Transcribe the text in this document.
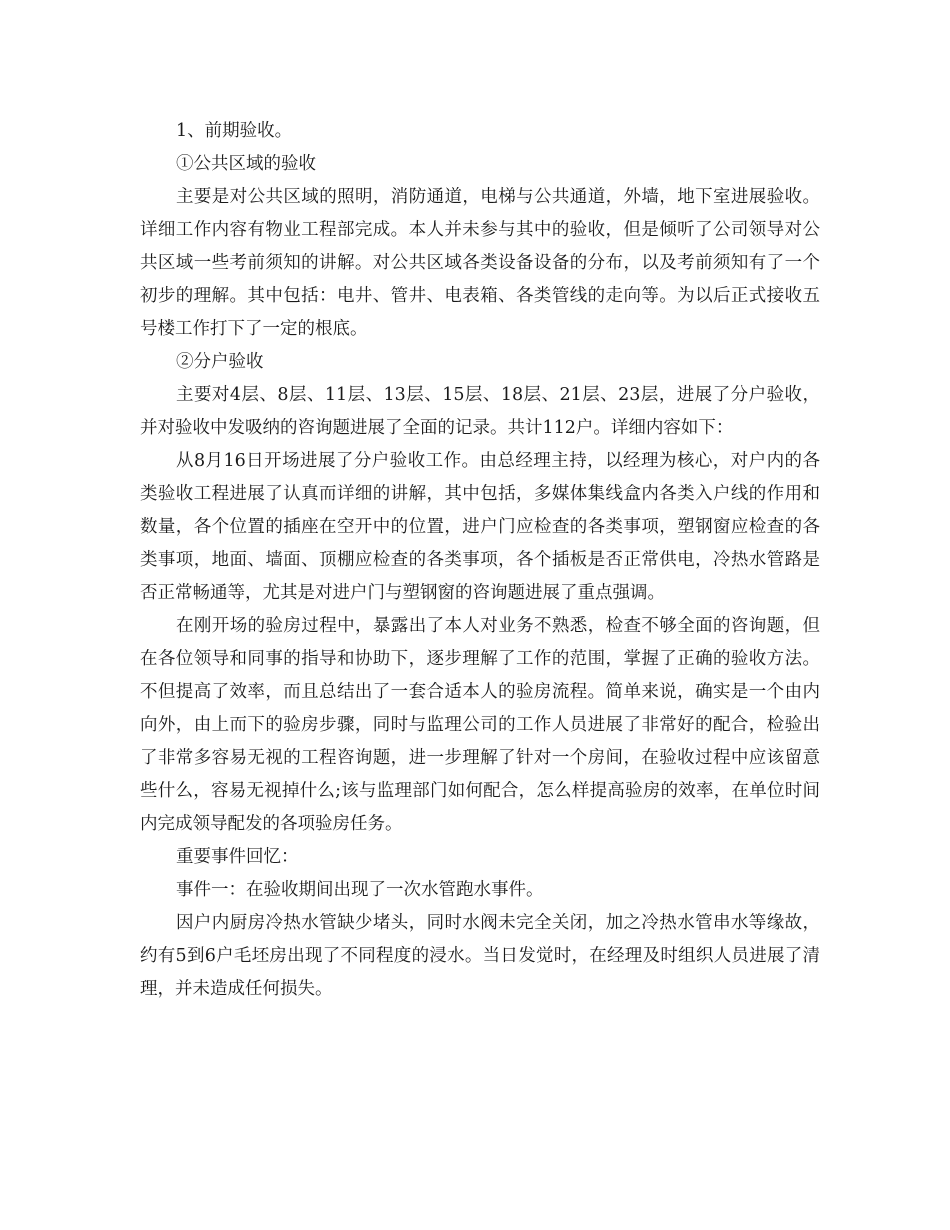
1、前期验收。

①公共区域的验收

主要是对公共区域的照明，消防通道，电梯与公共通道，外墙，地下室进展验收。详细工作内容有物业工程部完成。本人并未参与其中的验收，但是倾听了公司领导对公共区域一些考前须知的讲解。对公共区域各类设备设备的分布，以及考前须知有了一个初步的理解。其中包括：电井、管井、电表箱、各类管线的走向等。为以后正式接收五号楼工作打下了一定的根底。

②分户验收

主要对4层、8层、11层、13层、15层、18层、21层、23层，进展了分户验收，并对验收中发吸纳的咨询题进展了全面的记录。共计112户。详细内容如下：

从8月16日开场进展了分户验收工作。由总经理主持，以经理为核心，对户内的各类验收工程进展了认真而详细的讲解，其中包括，多媒体集线盒内各类入户线的作用和数量，各个位置的插座在空开中的位置，进户门应检查的各类事项，塑钢窗应检查的各类事项，地面、墙面、顶棚应检查的各类事项，各个插板是否正常供电，冷热水管路是否正常畅通等，尤其是对进户门与塑钢窗的咨询题进展了重点强调。

在刚开场的验房过程中，暴露出了本人对业务不熟悉，检查不够全面的咨询题，但在各位领导和同事的指导和协助下，逐步理解了工作的范围，掌握了正确的验收方法。不但提高了效率，而且总结出了一套合适本人的验房流程。简单来说，确实是一个由内向外，由上而下的验房步骤，同时与监理公司的工作人员进展了非常好的配合，检验出了非常多容易无视的工程咨询题，进一步理解了针对一个房间，在验收过程中应该留意些什么，容易无视掉什么;该与监理部门如何配合，怎么样提高验房的效率，在单位时间内完成领导配发的各项验房任务。

重要事件回忆：

事件一：在验收期间出现了一次水管跑水事件。

因户内厨房冷热水管缺少堵头，同时水阀未完全关闭，加之冷热水管串水等缘故，约有5到6户毛坯房出现了不同程度的浸水。当日发觉时，在经理及时组织人员进展了清理，并未造成任何损失。
